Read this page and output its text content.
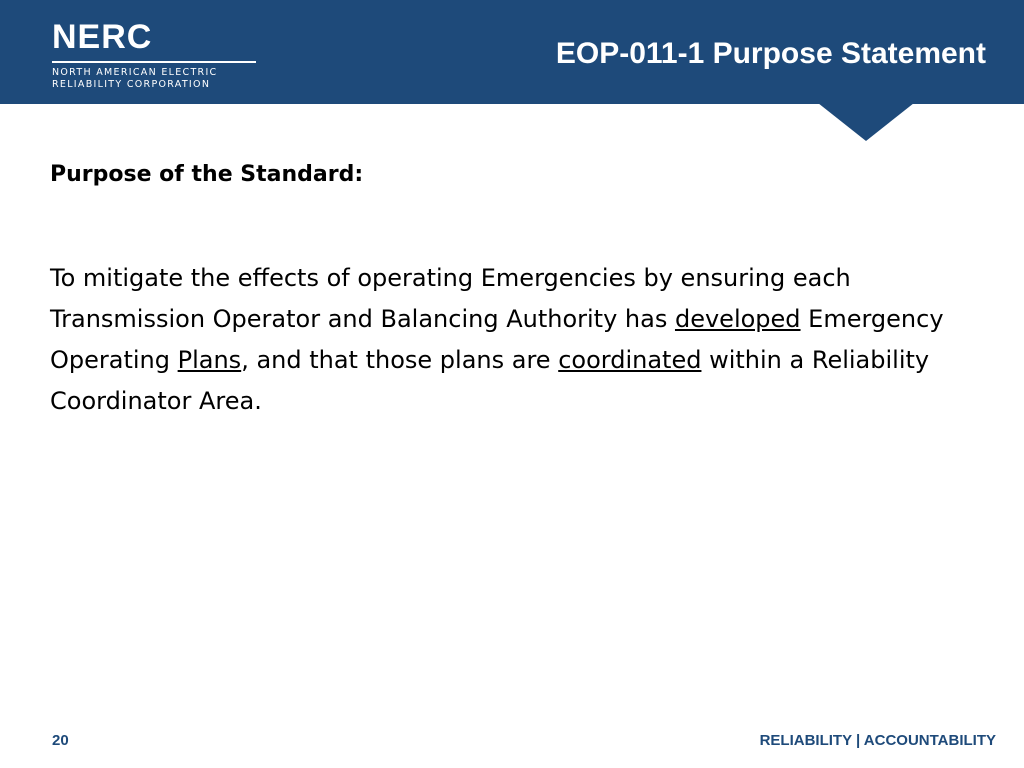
NERC
NORTH AMERICAN ELECTRIC
RELIABILITY CORPORATION
EOP-011-1 Purpose Statement
Purpose of the Standard:
To mitigate the effects of operating Emergencies by ensuring each Transmission Operator and Balancing Authority has developed Emergency Operating Plans, and that those plans are coordinated within a Reliability Coordinator Area.
20	RELIABILITY | ACCOUNTABILITY
